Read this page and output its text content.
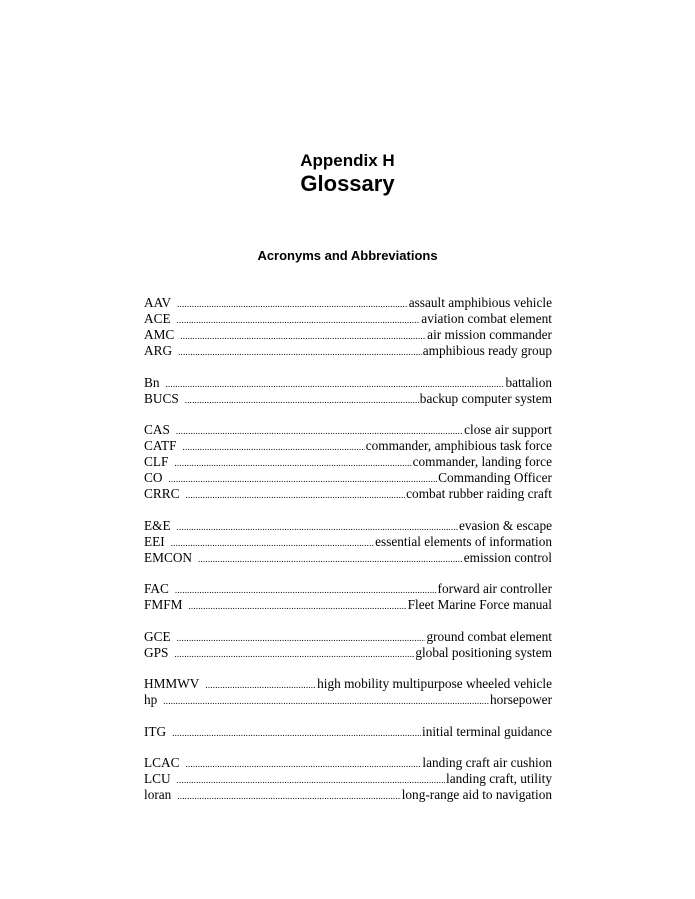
Appendix H
Glossary
Acronyms and Abbreviations
AAV .....	assault amphibious vehicle
ACE .....	aviation combat element
AMC .....	air mission commander
ARG .....	amphibious ready group
Bn .....	battalion
BUCS .....	backup computer system
CAS .....	close air support
CATF .....	commander, amphibious task force
CLF .....	commander, landing force
CO .....	Commanding Officer
CRRC .....	combat rubber raiding craft
E&E .....	evasion & escape
EEI .....	essential elements of information
EMCON .....	emission control
FAC .....	forward air controller
FMFM .....	Fleet Marine Force manual
GCE .....	ground combat element
GPS .....	global positioning system
HMMWV .....	high mobility multipurpose wheeled vehicle
hp .....	horsepower
ITG .....	initial terminal guidance
LCAC .....	landing craft air cushion
LCU .....	landing craft, utility
loran .....	long-range aid to navigation
